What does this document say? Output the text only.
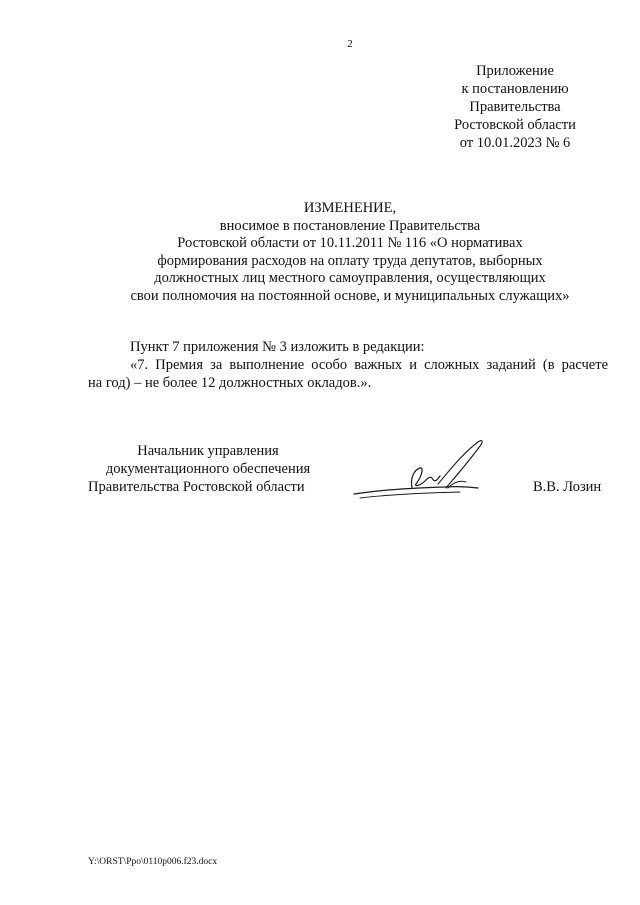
2
Приложение
к постановлению
Правительства
Ростовской области
от 10.01.2023 № 6
ИЗМЕНЕНИЕ,
вносимое в постановление Правительства
Ростовской области от 10.11.2011 № 116 «О нормативах
формирования расходов на оплату труда депутатов, выборных
должностных лиц местного самоуправления, осуществляющих
свои полномочия на постоянной основе, и муниципальных служащих»
Пункт 7 приложения № 3 изложить в редакции:
«7. Премия за выполнение особо важных и сложных заданий (в расчете
на год) – не более 12 должностных окладов.».
Начальник управления
документационного обеспечения
Правительства Ростовской области	В.В. Лозин
Y:\ORST\Ppo\0110p006.f23.docx
